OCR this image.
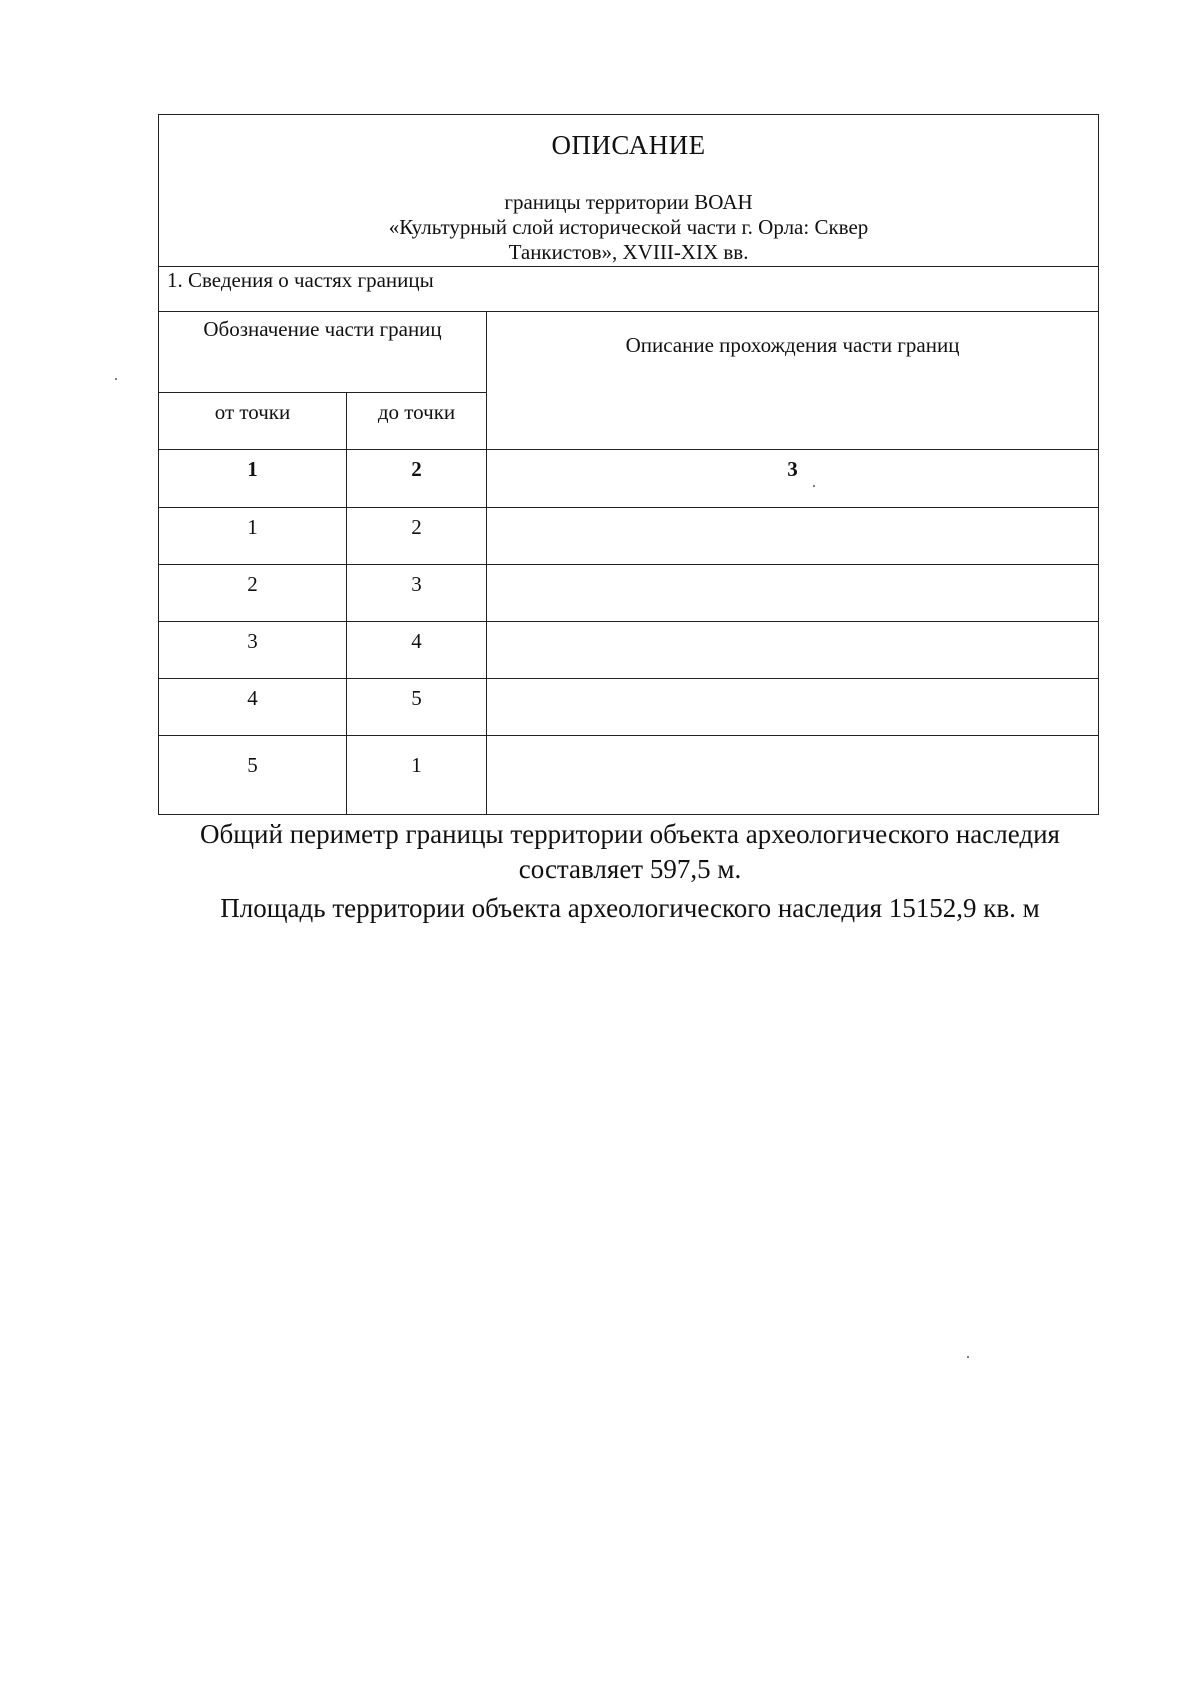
ОПИСАНИЕ
границы территории ВОАН
«Культурный слой исторической части г. Орла: Сквер
Танкистов», XVIII-XIX вв.		

1. Сведения о частях границы		
Обозначение части границ		Описание прохождения части границ
от точки	до точки	
1	2	3
1	2	
2	3	
3	4	
4	5	
5	1	

Общий периметр границы территории объекта археологического наследия

составляет 597,5 м.

Площадь территории объекта археологического наследия 15152,9 кв. м
